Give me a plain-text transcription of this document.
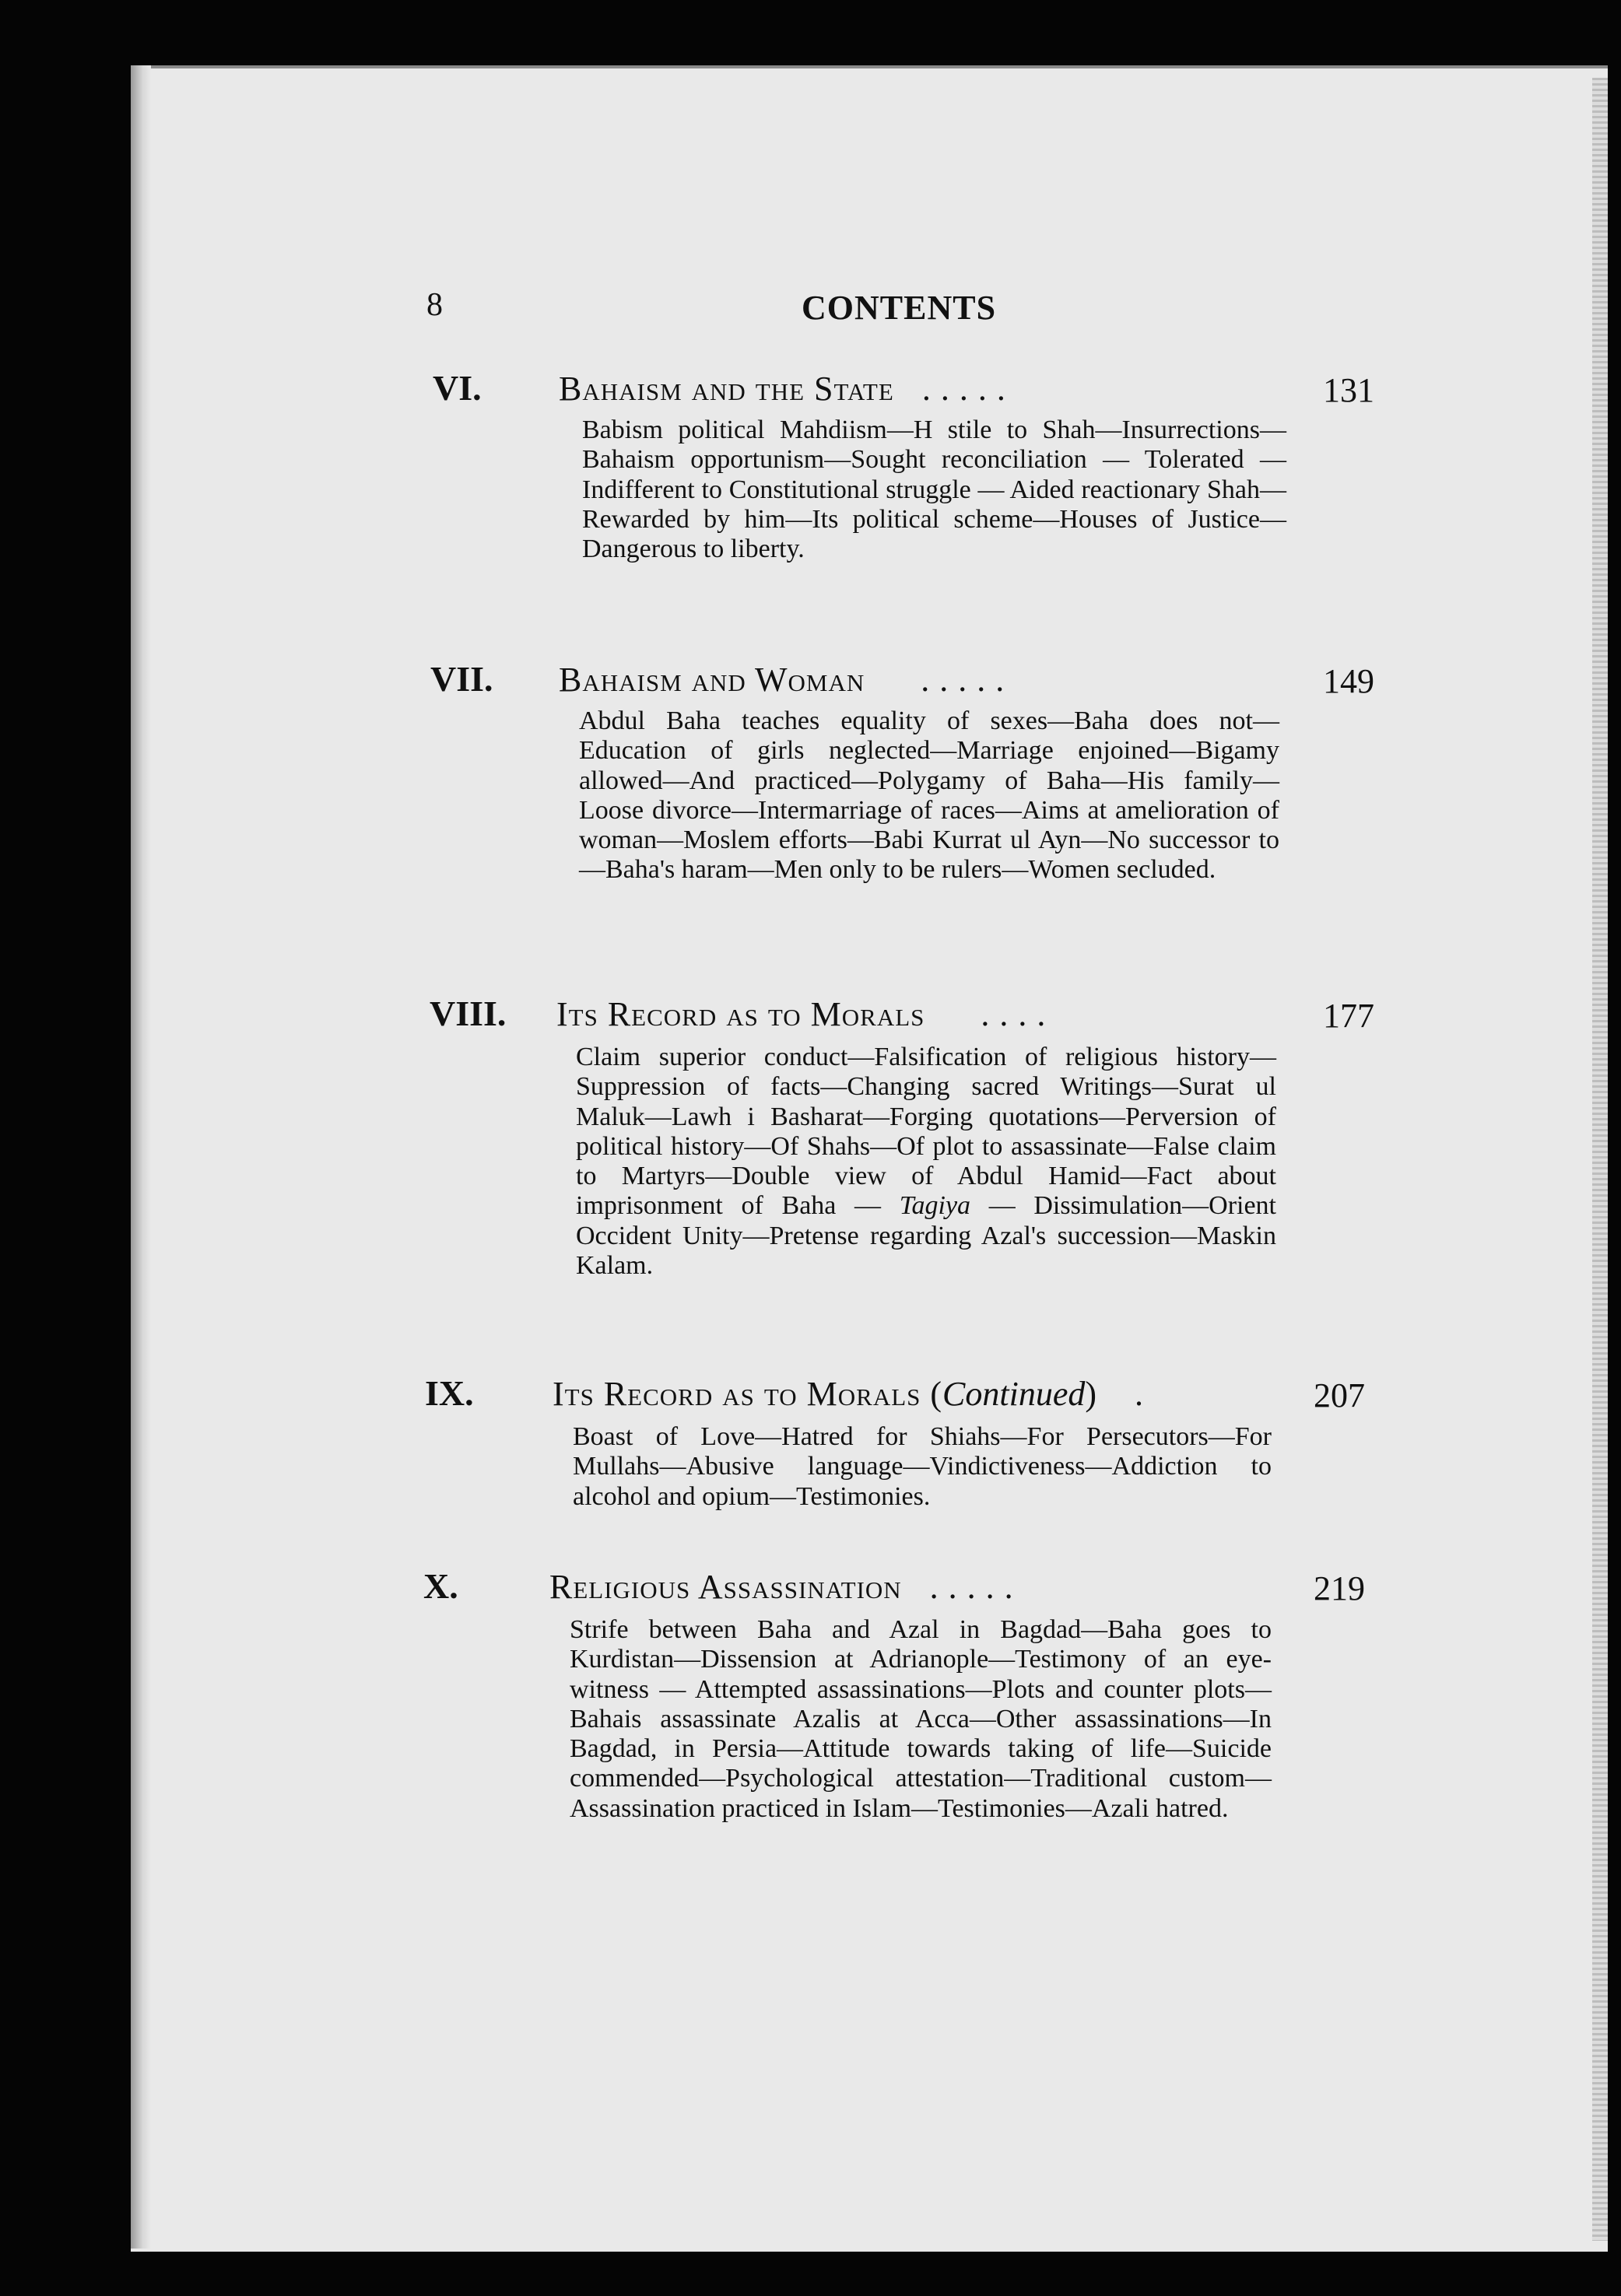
8	CONTENTS
VI. Bahaism and the State . . . . .	131
Babism political Mahdiism—H stile to Shah—Insurrections—Bahaism opportunism—Sought reconciliation — Tolerated — Indifferent to Constitutional struggle — Aided reactionary Shah—Rewarded by him—Its political scheme—Houses of Justice—Dangerous to liberty.
VII. Bahaism and Woman . . . . .	149
Abdul Baha teaches equality of sexes—Baha does not—Education of girls neglected—Marriage enjoined—Bigamy allowed—And practiced—Polygamy of Baha—His family—Loose divorce—Intermarriage of races—Aims at amelioration of woman—Moslem efforts—Babi Kurrat ul Ayn—No successor to—Baha's haram—Men only to be rulers—Women secluded.
VIII. Its Record as to Morals . . . .	177
Claim superior conduct—Falsification of religious history—Suppression of facts—Changing sacred Writings—Surat ul Maluk—Lawh i Basharat—Forging quotations—Perversion of political history—Of Shahs—Of plot to assassinate—False claim to Martyrs—Double view of Abdul Hamid—Fact about imprisonment of Baha — Tagiya — Dissimulation—Orient Occident Unity—Pretense regarding Azal's succession—Maskin Kalam.
IX. Its Record as to Morals (Continued)    .	207
Boast of Love—Hatred for Shiahs—For Persecutors—For Mullahs—Abusive language—Vindictiveness—Addiction to alcohol and opium—Testimonies.
X.	Religious Assassination . . . . .	219
Strife between Baha and Azal in Bagdad—Baha goes to Kurdistan—Dissension at Adrianople—Testimony of an eye-witness — Attempted assassinations—Plots and counter plots—Bahais assassinate Azalis at Acca—Other assassinations—In Bagdad, in Persia—Attitude towards taking of life—Suicide commended—Psychological attestation—Traditional custom—Assassination practiced in Islam—Testimonies—Azali hatred.
